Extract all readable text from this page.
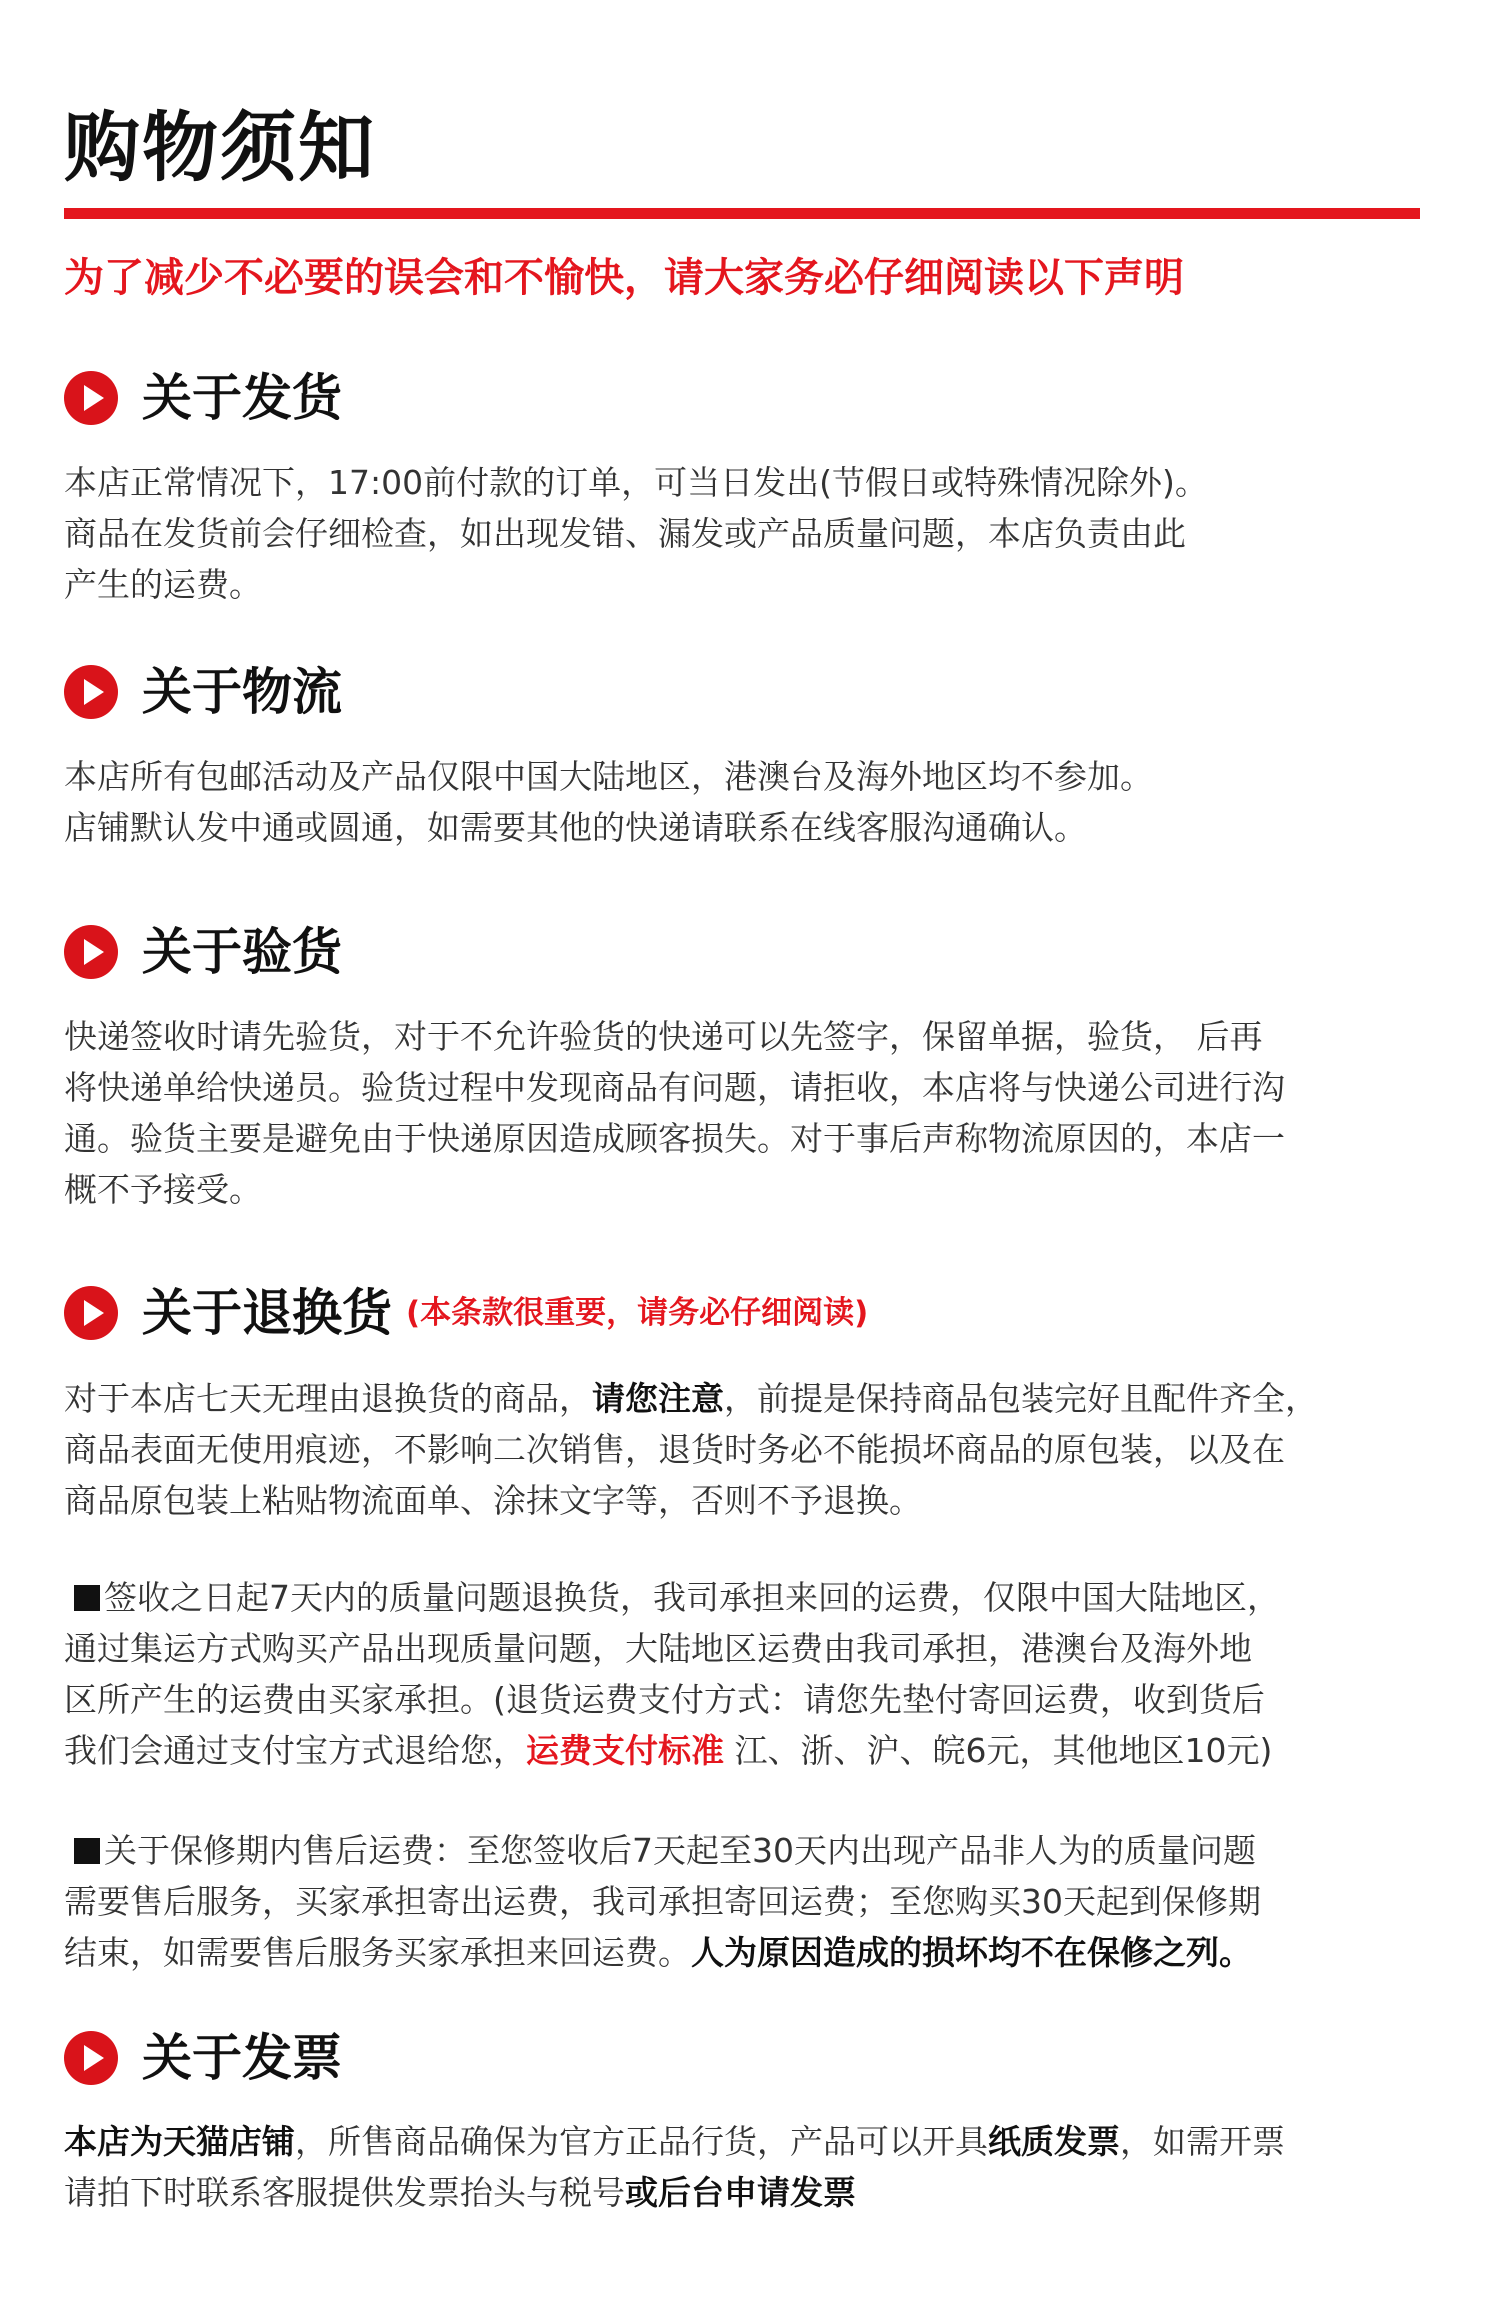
购物须知

为了减少不必要的误会和不愉快，请大家务必仔细阅读以下声明

关于发货

本店正常情况下，17:00前付款的订单，可当日发出(节假日或特殊情况除外)。
商品在发货前会仔细检查，如出现发错、漏发或产品质量问题，本店负责由此
产生的运费。

关于物流

本店所有包邮活动及产品仅限中国大陆地区，港澳台及海外地区均不参加。
店铺默认发中通或圆通，如需要其他的快递请联系在线客服沟通确认。

关于验货

快递签收时请先验货，对于不允许验货的快递可以先签字，保留单据，验货， 后再
将快递单给快递员。验货过程中发现商品有问题，请拒收，本店将与快递公司进行沟
通。验货主要是避免由于快递原因造成顾客损失。对于事后声称物流原因的，本店一
概不予接受。

关于退换货 (本条款很重要，请务必仔细阅读)

对于本店七天无理由退换货的商品，请您注意，前提是保持商品包装完好且配件齐全，
商品表面无使用痕迹，不影响二次销售，退货时务必不能损坏商品的原包装，以及在
商品原包装上粘贴物流面单、涂抹文字等，否则不予退换。

签收之日起7天内的质量问题退换货，我司承担来回的运费，仅限中国大陆地区，
通过集运方式购买产品出现质量问题，大陆地区运费由我司承担，港澳台及海外地
区所产生的运费由买家承担。(退货运费支付方式：请您先垫付寄回运费，收到货后
我们会通过支付宝方式退给您，运费支付标准 江、浙、沪、皖6元，其他地区10元)

关于保修期内售后运费：至您签收后7天起至30天内出现产品非人为的质量问题
需要售后服务，买家承担寄出运费，我司承担寄回运费；至您购买30天起到保修期
结束，如需要售后服务买家承担来回运费。人为原因造成的损坏均不在保修之列。

关于发票

本店为天猫店铺，所售商品确保为官方正品行货，产品可以开具纸质发票，如需开票
请拍下时联系客服提供发票抬头与税号或后台申请发票
